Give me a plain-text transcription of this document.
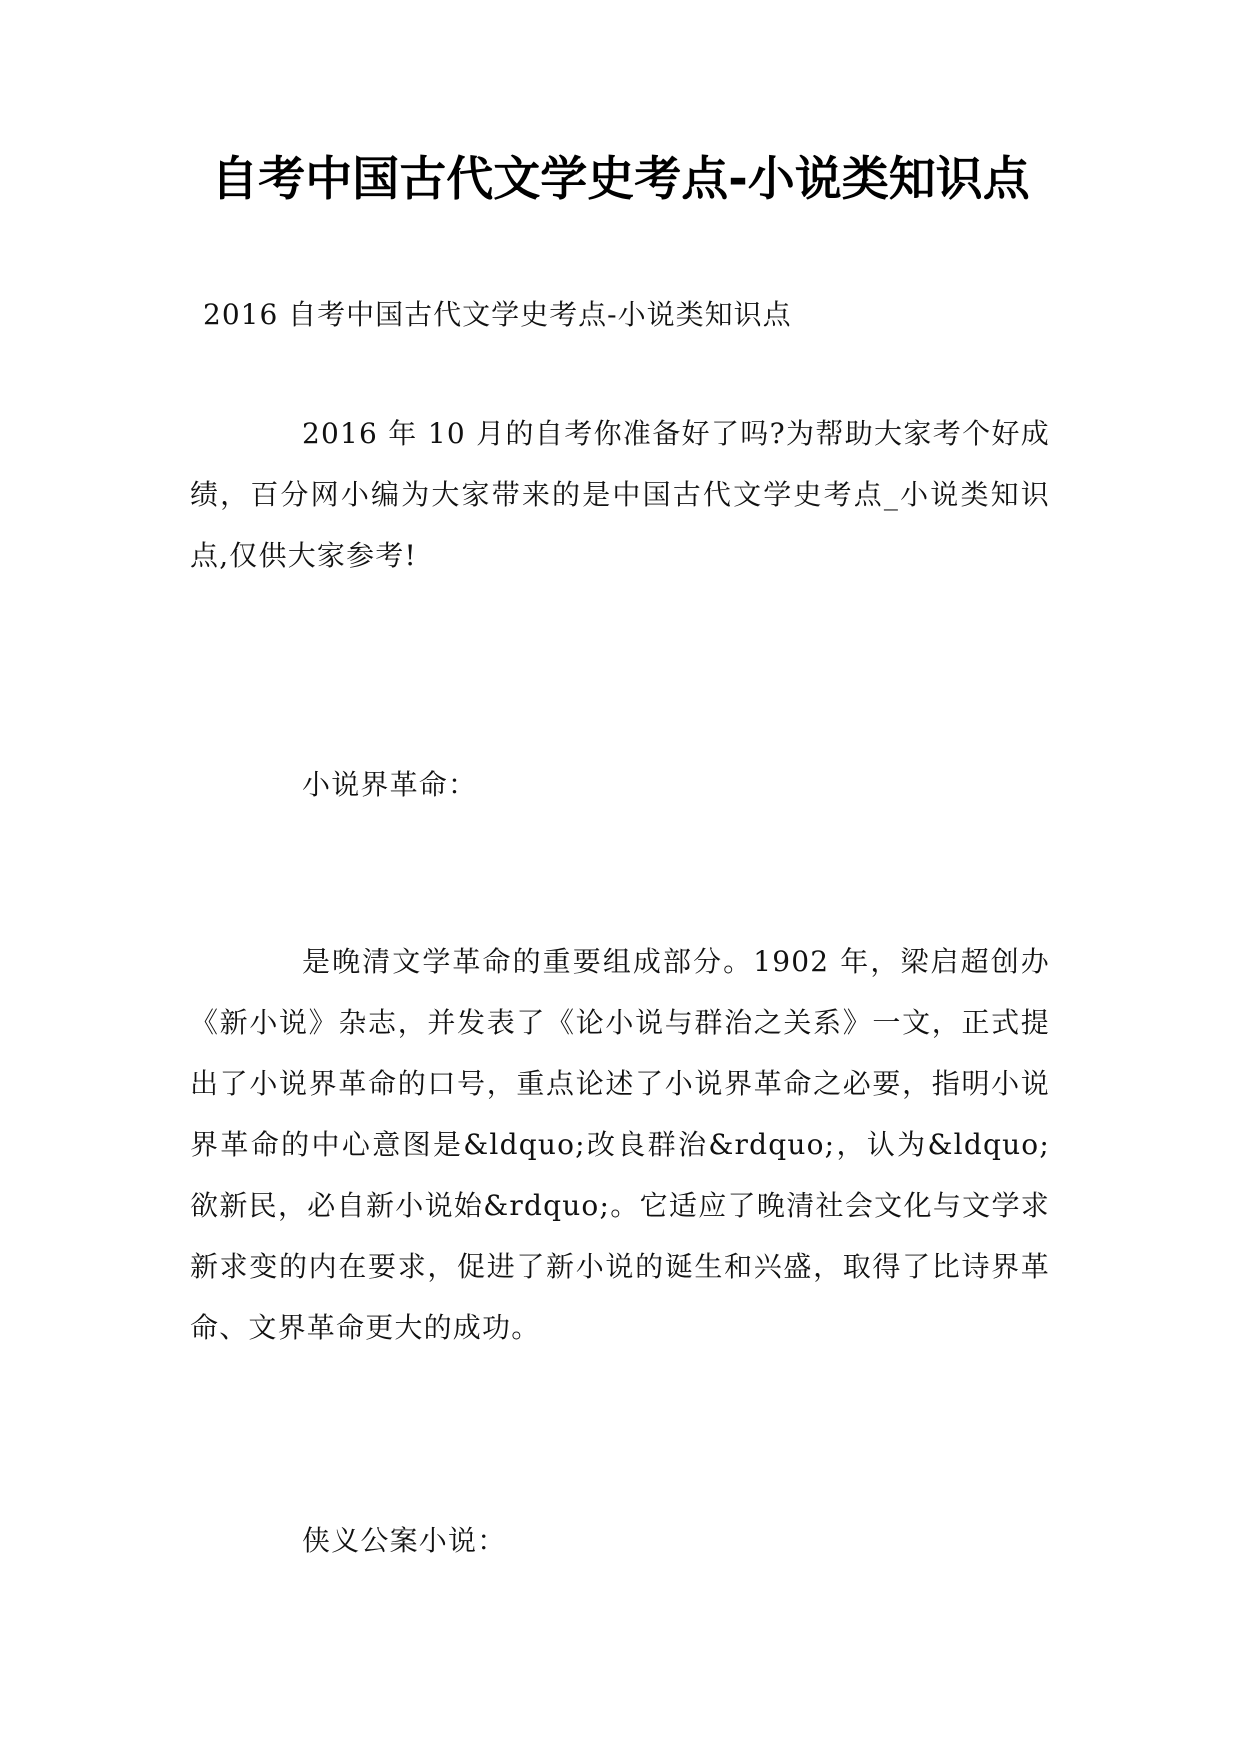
自考中国古代文学史考点-小说类知识点
2016 自考中国古代文学史考点-小说类知识点
2016 年 10 月的自考你准备好了吗?为帮助大家考个好成绩，百分网小编为大家带来的是中国古代文学史考点_小说类知识点,仅供大家参考!
小说界革命：
是晚清文学革命的重要组成部分。1902 年，梁启超创办《新小说》杂志，并发表了《论小说与群治之关系》一文，正式提出了小说界革命的口号，重点论述了小说界革命之必要，指明小说界革命的中心意图是&ldquo;改良群治&rdquo;，认为&ldquo;欲新民，必自新小说始&rdquo;。它适应了晚清社会文化与文学求新求变的内在要求，促进了新小说的诞生和兴盛，取得了比诗界革命、文界革命更大的成功。
侠义公案小说：
